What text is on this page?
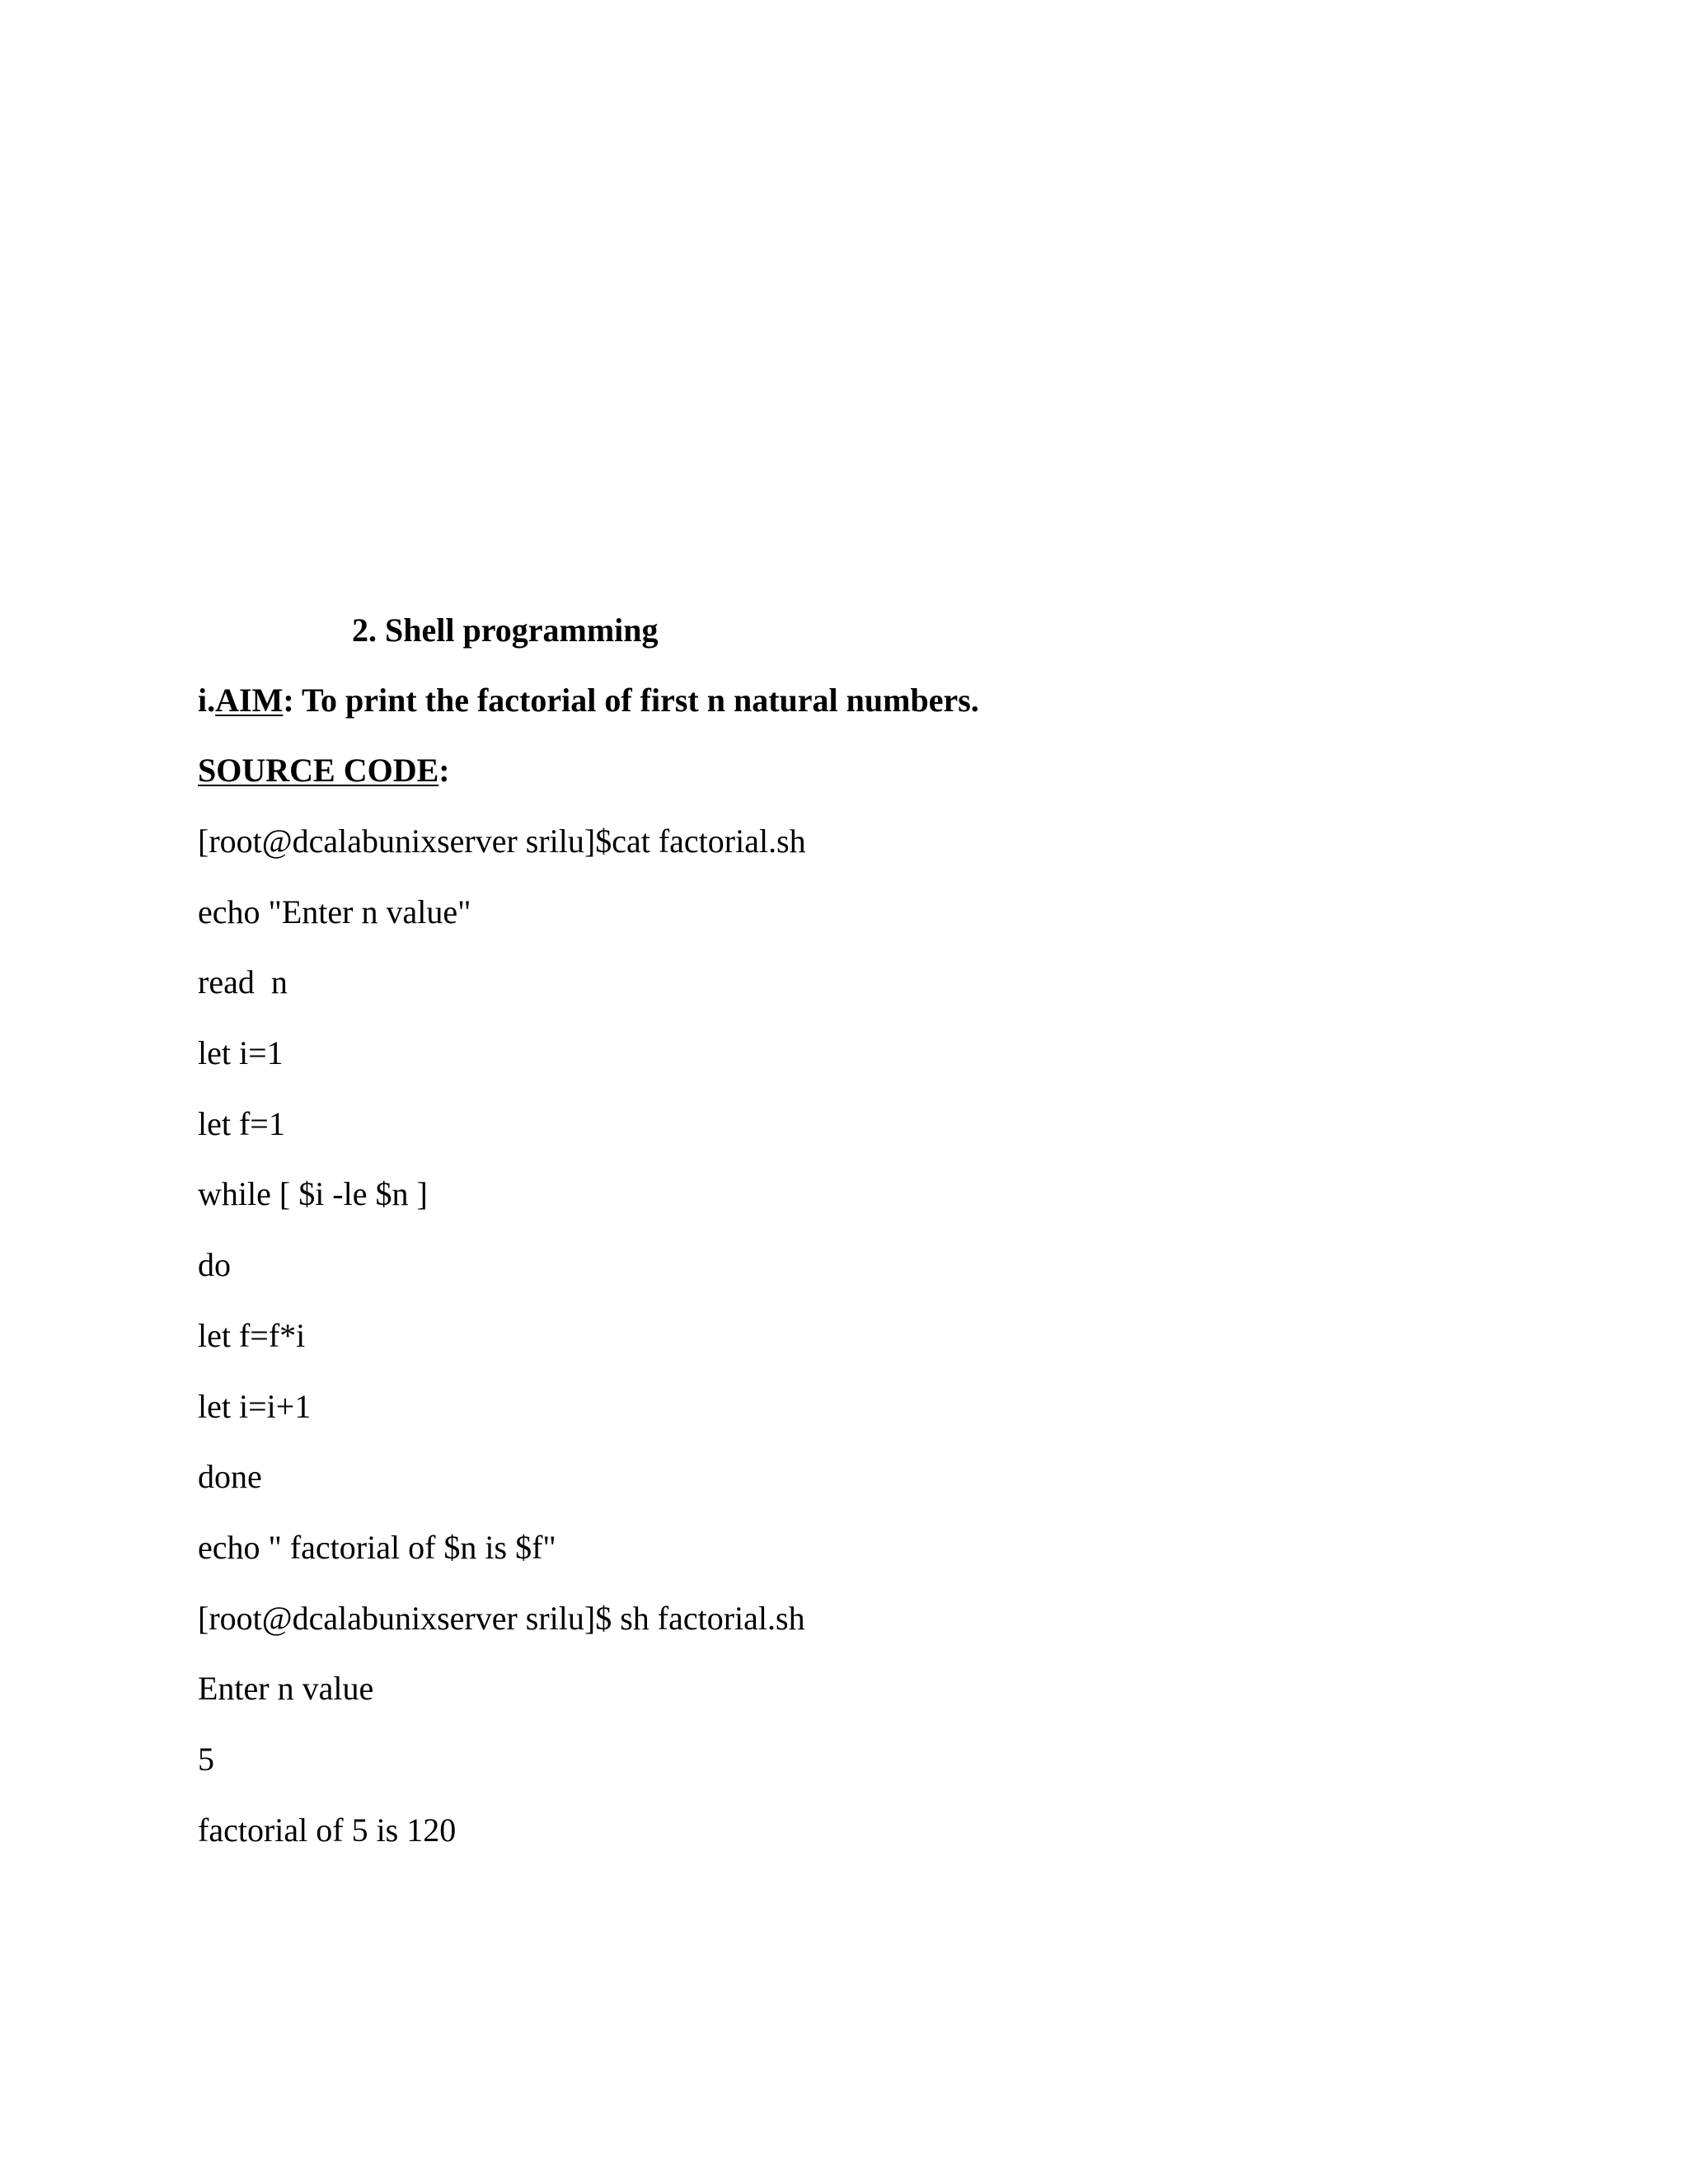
2. Shell programming

i.AIM: To print the factorial of first n natural numbers.

SOURCE CODE:

[root@dcalabunixserver srilu]$cat factorial.sh
echo "Enter n value"
read  n
let i=1
let f=1
while [ $i -le $n ]
do
let f=f*i
let i=i+1
done
echo " factorial of $n is $f"
[root@dcalabunixserver srilu]$ sh factorial.sh
Enter n value
5
factorial of 5 is 120
